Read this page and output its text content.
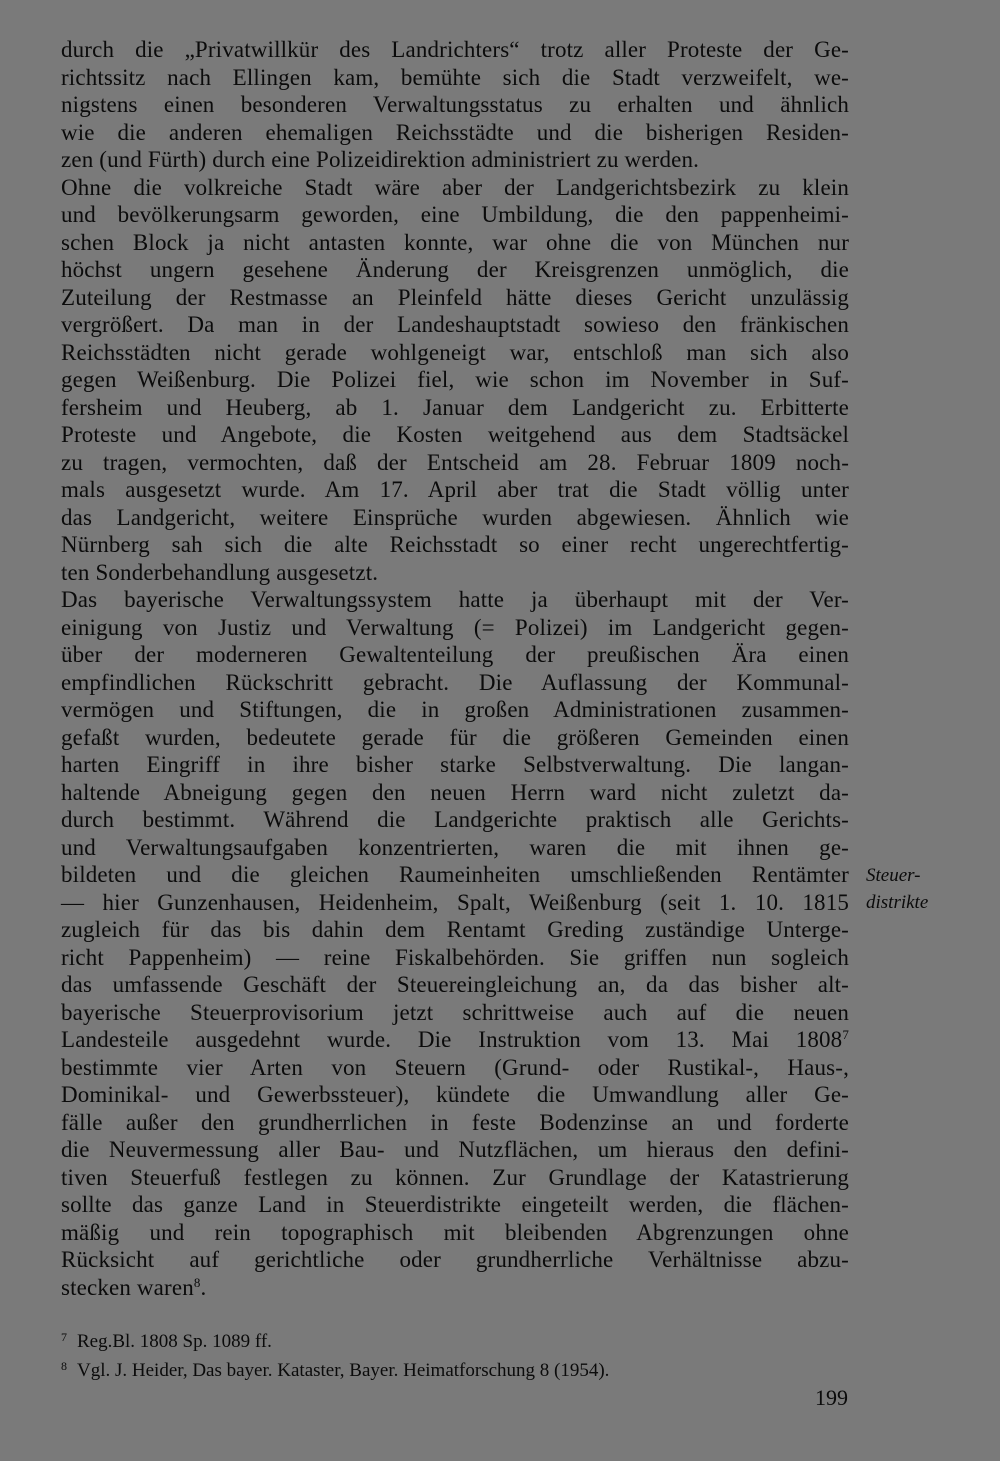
durch die „Privatwillkür des Landrichters“ trotz aller Proteste der Ge-
richtssitz nach Ellingen kam, bemühte sich die Stadt verzweifelt, we-
nigstens einen besonderen Verwaltungsstatus zu erhalten und ähnlich
wie die anderen ehemaligen Reichsstädte und die bisherigen Residen-
zen (und Fürth) durch eine Polizeidirektion administriert zu werden.
Ohne die volkreiche Stadt wäre aber der Landgerichtsbezirk zu klein
und bevölkerungsarm geworden, eine Umbildung, die den pappenheimi-
schen Block ja nicht antasten konnte, war ohne die von München nur
höchst ungern gesehene Änderung der Kreisgrenzen unmöglich, die
Zuteilung der Restmasse an Pleinfeld hätte dieses Gericht unzulässig
vergrößert. Da man in der Landeshauptstadt sowieso den fränkischen
Reichsstädten nicht gerade wohlgeneigt war, entschloß man sich also
gegen Weißenburg. Die Polizei fiel, wie schon im November in Suf-
fersheim und Heuberg, ab 1. Januar dem Landgericht zu. Erbitterte
Proteste und Angebote, die Kosten weitgehend aus dem Stadtsäckel
zu tragen, vermochten, daß der Entscheid am 28. Februar 1809 noch-
mals ausgesetzt wurde. Am 17. April aber trat die Stadt völlig unter
das Landgericht, weitere Einsprüche wurden abgewiesen. Ähnlich wie
Nürnberg sah sich die alte Reichsstadt so einer recht ungerechtfertig-
ten Sonderbehandlung ausgesetzt.
Das bayerische Verwaltungssystem hatte ja überhaupt mit der Ver-
einigung von Justiz und Verwaltung (= Polizei) im Landgericht gegen-
über der moderneren Gewaltenteilung der preußischen Ära einen
empfindlichen Rückschritt gebracht. Die Auflassung der Kommunal-
vermögen und Stiftungen, die in großen Administrationen zusammen-
gefaßt wurden, bedeutete gerade für die größeren Gemeinden einen
harten Eingriff in ihre bisher starke Selbstverwaltung. Die langan-
haltende Abneigung gegen den neuen Herrn ward nicht zuletzt da-
durch bestimmt. Während die Landgerichte praktisch alle Gerichts-
und Verwaltungsaufgaben konzentrierten, waren die mit ihnen ge-
bildeten und die gleichen Raumeinheiten umschließenden Rentämter
— hier Gunzenhausen, Heidenheim, Spalt, Weißenburg (seit 1. 10. 1815
zugleich für das bis dahin dem Rentamt Greding zuständige Unterge-
richt Pappenheim) — reine Fiskalbehörden. Sie griffen nun sogleich
das umfassende Geschäft der Steuereingleichung an, da das bisher alt-
bayerische Steuerprovisorium jetzt schrittweise auch auf die neuen
Landesteile ausgedehnt wurde. Die Instruktion vom 13. Mai 1808$^7$
bestimmte vier Arten von Steuern (Grund- oder Rustikal-, Haus-,
Dominikal- und Gewerbssteuer), kündete die Umwandlung aller Ge-
fälle außer den grundherrlichen in feste Bodenzinse an und forderte
die Neuvermessung aller Bau- und Nutzflächen, um hieraus den defini-
tiven Steuerfuß festlegen zu können. Zur Grundlage der Katastrierung
sollte das ganze Land in Steuerdistrikte eingeteilt werden, die flächen-
mäßig und rein topographisch mit bleibenden Abgrenzungen ohne
Rücksicht auf gerichtliche oder grundherrliche Verhältnisse abzu-
stecken waren$^8$.
Steuer-
distrikte
$^7$ Reg.Bl. 1808 Sp. 1089 ff.
$^8$ Vgl. J. Heider, Das bayer. Kataster, Bayer. Heimatforschung 8 (1954).
199
